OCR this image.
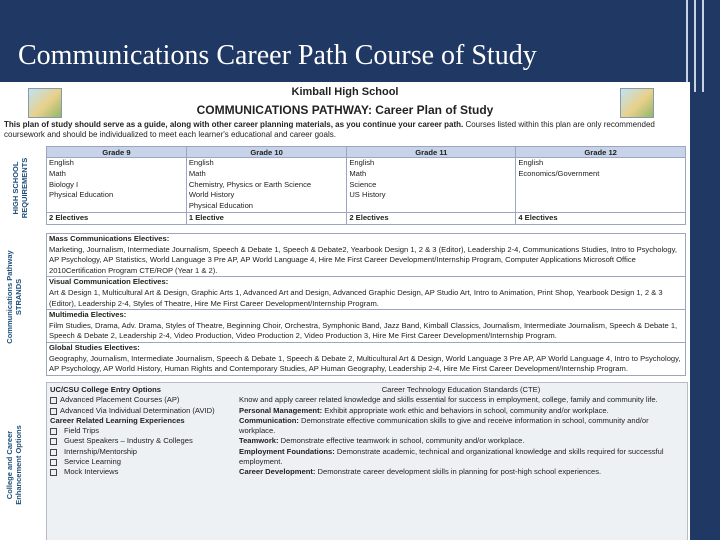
Communications Career Path Course of Study
Kimball High School
COMMUNICATIONS PATHWAY: Career Plan of Study
This plan of study should serve as a guide, along with other career planning materials, as you continue your career path. Courses listed within this plan are only recommended coursework and should be individualized to meet each learner's educational and career goals.
HIGH SCHOOL REQUIREMENTS
Communications Pathway STRANDS
College and Career Enhancement Options
Grade 9	Grade 10	Grade 11	Grade 12
English	English	English	English
Math	Math	Math	Economics/Government
Biology I	Chemistry, Physics or Earth Science	Science	
Physical Education	World History	US History	
	Physical Education		
2 Electives	1 Elective	2 Electives	4 Electives
Mass Communications Electives:
Marketing, Journalism, Intermediate Journalism, Speech & Debate 1, Speech & Debate2, Yearbook Design 1, 2 & 3 (Editor), Leadership 2-4, Communications Studies, Intro to Psychology, AP Psychology, AP Statistics, World Language 3 Pre AP, AP World Language 4, Hire Me First Career Development/Internship Program, Computer Applications Microsoft Office 2010Certification Program CTE/ROP (Year 1 & 2).
Visual Communication Electives:
Art & Design 1, Multicultural Art & Design, Graphic Arts 1, Advanced Art and Design, Advanced Graphic Design, AP Studio Art, Intro to Animation, Print Shop, Yearbook Design 1, 2 & 3 (Editor), Leadership 2-4, Styles of Theatre, Hire Me First Career Development/Internship Program.
Multimedia Electives:
Film Studies, Drama, Adv. Drama, Styles of Theatre, Beginning Choir, Orchestra, Symphonic Band, Jazz Band, Kimball Classics, Journalism, Intermediate Journalism, Speech & Debate 1, Speech & Debate 2, Leadership 2-4, Video Production, Video Production 2, Video Production 3, Hire Me First Career Development/Internship Program.
Global Studies Electives:
Geography, Journalism, Intermediate Journalism, Speech & Debate 1, Speech & Debate 2, Multicultural Art & Design, World Language 3 Pre AP, AP World Language 4, Intro to Psychology, AP Psychology, AP World History, Human Rights and Contemporary Studies, AP Human Geography, Leadership 2-4, Hire Me First Career Development/Internship Program.
UC/CSU College Entry Options
Advanced Placement Courses (AP)
Advanced Via Individual Determination (AVID)
Career Related Learning Experiences
Field Trips
Guest Speakers – Industry & Colleges
Internship/Mentorship
Service Learning
Mock Interviews
Career Technology Education Standards (CTE)
Know and apply career related knowledge and skills essential for success in employment, college, family and community life.
Personal Management: Exhibit appropriate work ethic and behaviors in school, community and/or workplace.
Communication: Demonstrate effective communication skills to give and receive information in school, community and/or workplace.
Teamwork: Demonstrate effective teamwork in school, community and/or workplace.
Employment Foundations: Demonstrate academic, technical and organizational knowledge and skills required for successful employment.
Career Development: Demonstrate career development skills in planning for post-high school experiences.
